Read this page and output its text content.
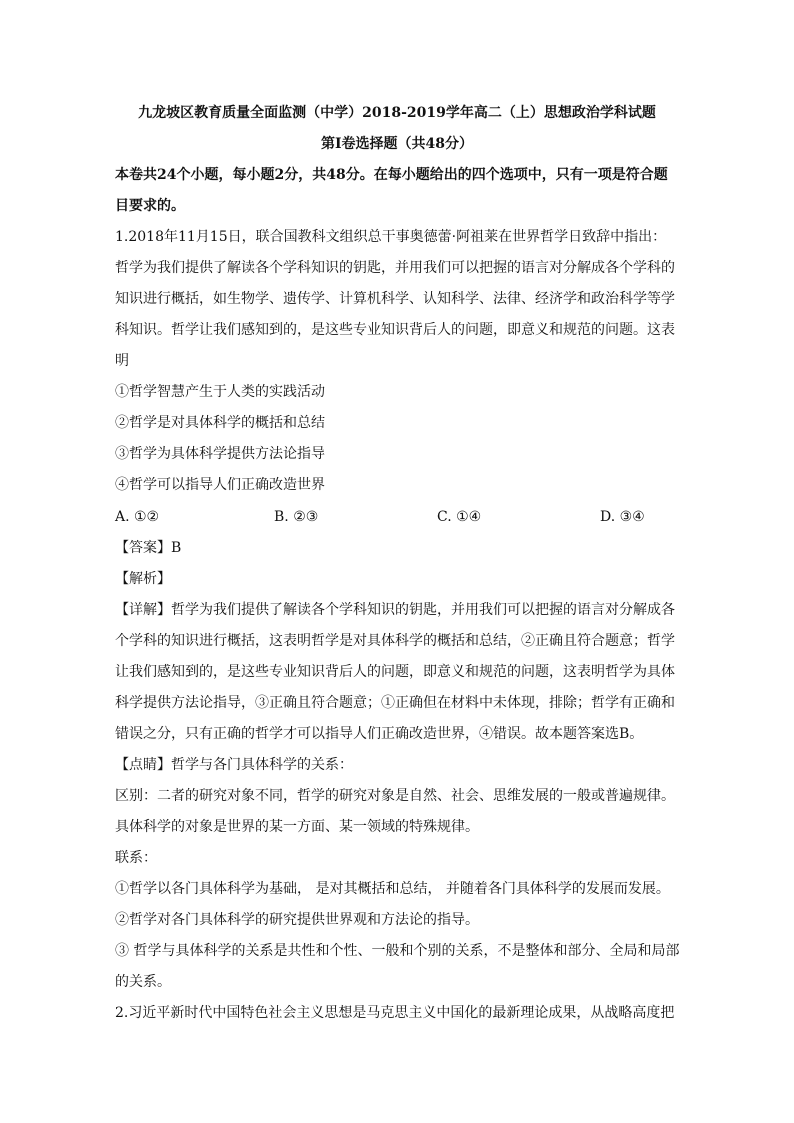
九龙坡区教育质量全面监测（中学）2018-2019学年高二（上）思想政治学科试题
第Ⅰ卷选择题（共48分）
本卷共24个小题，每小题2分，共48分。在每小题给出的四个选项中，只有一项是符合题
目要求的。
1.2018年11月15日，联合国教科文组织总干事奥德蕾·阿祖莱在世界哲学日致辞中指出：
哲学为我们提供了解读各个学科知识的钥匙，并用我们可以把握的语言对分解成各个学科的
知识进行概括，如生物学、遗传学、计算机科学、认知科学、法律、经济学和政治科学等学
科知识。哲学让我们感知到的，是这些专业知识背后人的问题，即意义和规范的问题。这表
明
①哲学智慧产生于人类的实践活动
②哲学是对具体科学的概括和总结
③哲学为具体科学提供方法论指导
④哲学可以指导人们正确改造世界
A. ①②	B. ②③	C. ①④	D. ③④
【答案】B
【解析】
【详解】哲学为我们提供了解读各个学科知识的钥匙，并用我们可以把握的语言对分解成各
个学科的知识进行概括，这表明哲学是对具体科学的概括和总结，②正确且符合题意；哲学
让我们感知到的，是这些专业知识背后人的问题，即意义和规范的问题，这表明哲学为具体
科学提供方法论指导，③正确且符合题意；①正确但在材料中未体现，排除；哲学有正确和
错误之分，只有正确的哲学才可以指导人们正确改造世界，④错误。故本题答案选B。
【点睛】哲学与各门具体科学的关系：
区别：二者的研究对象不同，哲学的研究对象是自然、社会、思维发展的一般或普遍规律。
具体科学的对象是世界的某一方面、某一领域的特殊规律。
联系：
①哲学以各门具体科学为基础， 是对其概括和总结， 并随着各门具体科学的发展而发展。
②哲学对各门具体科学的研究提供世界观和方法论的指导。
③ 哲学与具体科学的关系是共性和个性、一般和个别的关系，不是整体和部分、全局和局部
的关系。
2.习近平新时代中国特色社会主义思想是马克思主义中国化的最新理论成果，从战略高度把
